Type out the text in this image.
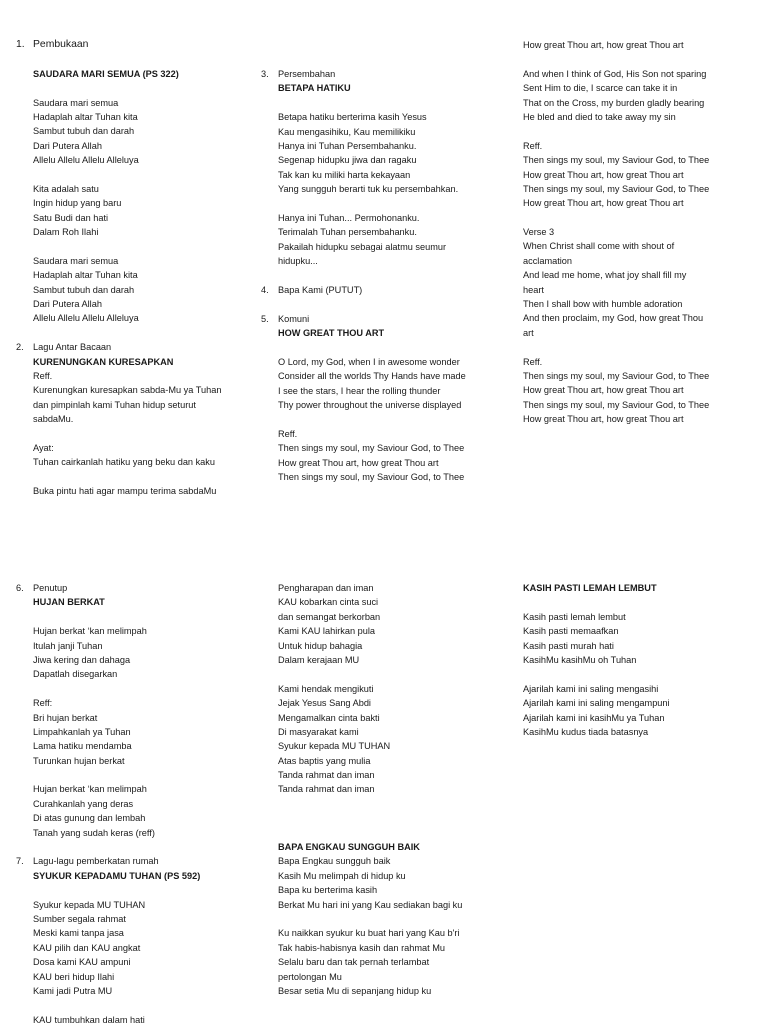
1. Pembukaan
SAUDARA MARI SEMUA (PS 322)
Saudara mari semua
Hadaplah altar Tuhan kita
Sambut tubuh dan darah
Dari Putera Allah
Allelu Allelu Allelu Alleluya
Kita adalah satu
Ingin hidup yang baru
Satu Budi dan hati
Dalam Roh Ilahi
Saudara mari semua
Hadaplah altar Tuhan kita
Sambut tubuh dan darah
Dari Putera Allah
Allelu Allelu Allelu Alleluya
2. Lagu Antar Bacaan
KURENUNGKAN KURESAPKAN
Reff.
Kurenungkan kuresapkan sabda-Mu ya Tuhan
dan pimpinlah kami Tuhan hidup seturut
sabdaMu.
Ayat:
Tuhan cairkanlah hatiku yang beku dan kaku
Buka pintu hati agar mampu terima sabdaMu
3. Persembahan
BETAPA HATIKU
Betapa hatiku berterima kasih Yesus
Kau mengasihiku, Kau memilikiku
Hanya ini Tuhan Persembahanku.
Segenap hidupku jiwa dan ragaku
Tak kan ku miliki harta kekayaan
Yang sungguh berarti tuk ku persembahkan.
Hanya ini Tuhan... Permohonanku.
Terimalah Tuhan persembahanku.
Pakailah hidupku sebagai alatmu seumur
hidupku...
4. Bapa Kami (PUTUT)
5. Komuni
HOW GREAT THOU ART
O Lord, my God, when I in awesome wonder
Consider all the worlds Thy Hands have made
I see the stars, I hear the rolling thunder
Thy power throughout the universe displayed
Reff.
Then sings my soul, my Saviour God, to Thee
How great Thou art, how great Thou art
Then sings my soul, my Saviour God, to Thee
How great Thou art, how great Thou art
And when I think of God, His Son not sparing
Sent Him to die, I scarce can take it in
That on the Cross, my burden gladly bearing
He bled and died to take away my sin
Reff.
Then sings my soul, my Saviour God, to Thee
How great Thou art, how great Thou art
Then sings my soul, my Saviour God, to Thee
How great Thou art, how great Thou art
Verse 3
When Christ shall come with shout of
acclamation
And lead me home, what joy shall fill my
heart
Then I shall bow with humble adoration
And then proclaim, my God, how great Thou
art
Reff.
Then sings my soul, my Saviour God, to Thee
How great Thou art, how great Thou art
Then sings my soul, my Saviour God, to Thee
How great Thou art, how great Thou art
6. Penutup
HUJAN BERKAT
Hujan berkat ‘kan melimpah
Itulah janji Tuhan
Jiwa kering dan dahaga
Dapatlah disegarkan
Reff:
Bri hujan berkat
Limpahkanlah ya Tuhan
Lama hatiku mendamba
Turunkan hujan berkat
Hujan berkat ‘kan melimpah
Curahkanlah yang deras
Di atas gunung dan lembah
Tanah yang sudah keras (reff)
7. Lagu-lagu pemberkatan rumah
SYUKUR KEPADAMU TUHAN (PS 592)
Syukur kepada MU TUHAN
Sumber segala rahmat
Meski kami tanpa jasa
KAU pilih dan KAU angkat
Dosa kami KAU ampuni
KAU beri hidup Ilahi
Kami jadi Putra MU
KAU tumbuhkan dalam hati
Pengharapan dan iman
KAU kobarkan cinta suci
dan semangat berkorban
Kami KAU lahirkan pula
Untuk hidup bahagia
Dalam kerajaan MU
Kami hendak mengikuti
Jejak Yesus Sang Abdi
Mengamalkan cinta bakti
Di masyarakat kami
Syukur kepada MU TUHAN
Atas baptis yang mulia
Tanda rahmat dan iman
Tanda rahmat dan iman
BAPA ENGKAU SUNGGUH BAIK
Bapa Engkau sungguh baik
Kasih Mu melimpah di hidup ku
Bapa ku berterima kasih
Berkat Mu hari ini yang Kau sediakan bagi ku
Ku naikkan syukur ku buat hari yang Kau b'ri
Tak habis-habisnya kasih dan rahmat Mu
Selalu baru dan tak pernah terlambat
pertolongan Mu
Besar setia Mu di sepanjang hidup ku
KASIH PASTI LEMAH LEMBUT
Kasih pasti lemah lembut
Kasih pasti memaafkan
Kasih pasti murah hati
KasihMu kasihMu oh Tuhan
Ajarilah kami ini saling mengasihi
Ajarilah kami ini saling mengampuni
Ajarilah kami ini kasihMu ya Tuhan
KasihMu kudus tiada batasnya
